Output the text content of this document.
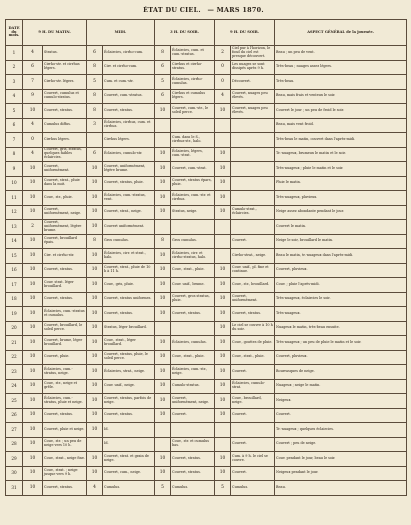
ÉTAT DU CIEL. — MARS 1870.
DATE du mois.	9 H. DU MATIN.		MIDI.		3 H. DU SOIR.		9 H. DU SOIR.		ASPECT GÉNÉRAL de la journée.
1	4	Stratus.	6	Éclaircies, cirrho-cum.	8	Éclaircies, cum. et cum.-stratus.	2	Ciel pur à l'horizon, le fond du ciel est presque découvert.	Beau ; un peu de vent.
2	6	Cirrho-str. et cirrhus légers.	8	Cirr. et cirrho-cum.	6	Cirrhus et cirrho-stratus.	0	Les nuages se sont dissipés après 9 h.	Très-beau ; nuages assez légers.
3	7	Cirrho-str. légers.	5	Cum. et cum.-str.	5	Éclaircies, cirrho-cumulus.	0	Découvert.	Très-beau.
4	9	Couvert, cumulus et cumulo-stratus.	8	Couvert, cum.-stratus.	6	Cirrhus et cumulus légers.	4	Couvert, nuages peu élevés.	Beau, mais frais et venteux le soir.
5	10	Couvert, stratus.	8	Couvert, stratus.	10	Couvert, cum.-str., le soleil perce.	10	Couvert, nuages peu élevés.	Couvert le jour ; un peu de froid le soir.
6	4	Cumulus diffus.	3	Éclaircies, cirrhus, cum. et cirrhus.					Beau, mais vent froid.
7	0	Cirrhus légers.		Cirrhus légers.		Cum. dans le S., cirrhus-str., halo.			Très-beau le matin, couvert dans l'après-midi.
8	4	Couvert, gris, stratus, quelques faibles éclaircies.	6	Éclaircies, cumulo-str.	10	Éclaircies, légers, cum.-strat.	10		Tr.-nuageux, brumeux le matin et le soir.
9	10	Couvert, uniformément.	10	Couvert, uniformément, légère brume.	10	Couvert, cum.-strat.	10		Très-nuageux ; pluie le matin et le soir.
10	10	Couvert, strat., pluie dans la nuit.	10	Couvert, stratus, pluie.	10	Couvert, stratus épars, pluie.	10		Pluie le matin.
11	10	Couv., str., pluie.	10	Éclaircies, cum.-stratus, vent.	10	Éclaircies, cum.-str. et cirrhus.	10		Très-nuageux, pluvieux.
12	10	Couvert, uniformément, neige.	10	Couvert, strat., neige.	10	Stratus, neige.	10	Cumulo-strat., éclaircies.	Neige assez abondante pendant le jour.
13	2	Couvert, uniformément, légère brume.	10	Couvert uniformément.					Couvert le matin.
14	10	Couvert, brouillard épais.	8	Gros cumulus.	8	Gros cumulus.		Couvert.	Neige le soir, brouillard le matin.
15	10	Cirr. et cirrho-str.	10	Éclaircies, cirr. et strat., halo.	10	Éclaircies, cirr. et cirrho-stratus, halo.		Cirrho-strat., neige.	Beau le matin, tr.-nuageux dans l'après-midi.
16	10	Couvert, stratus.	10	Couvert, strat., pluie de 10 h à 11 h.	10	Couv., strat., pluie.	10	Couv. unif., pl. fine et continue.	Couvert, pluvieux.
17	10	Couv. strat. léger brouillard.	10	Couv., gris, pluie.	10	Couv. unif., brume.	10	Couv., str., brouillard.	Couv. ; pluie l'après-midi.
18	10	Couvert, stratus.	10	Couvert, stratus uniformes.	10	Couvert, gros stratus, pluie.	10	Couvert, uniformément.	Très-nuageux, éclaircies le soir.
19	10	Éclaircies, cum.-stratus et cumulus.	10	Couvert, stratus.	10	Couvert, stratus.	10	Couvert, stratus.	Très-nuageux.
20	10	Couvert, brouillard, le soleil perce.	10	Stratus, léger brouillard.			10	Le ciel se couvre à 10 h du soir.	Nuageux le matin, très-beau ensuite.
21	10	Couvert, brume, léger brouillard.	10	Couv., strat., léger brouillard.	10	Éclaircies, cumulus.	10	Couv., gouttes de pluie.	Très-nuageux ; un peu de pluie le matin et le soir.
22	10	Couvert, pluie.	10	Couvert, stratus, pluie, le soleil perce.	10	Couv., strat., pluie.	10	Couv., strat., pluie.	Couvert, pluvieux.
23	10	Éclaircies, cum.-stratus, neige.	10	Éclaircies, strat., neige.	10	Éclaircies, cum.-str., neige.	10	Couvert.	Bourrasques de neige.
24	10	Couv., str., neige et grêle.	10	Couv. unif., neige.	10	Cumulo-stratus.	10	Éclaircies, cumulo-strat.	Nuageux ; neige le matin.
25	10	Éclaircies, cum.-stratus, pluie et neige.	10	Couvert, stratus, parfois de neige.	10	Couvert, uniformément, neige.	10	Couv., brouillard, neige.	Neigeux.
26	10	Couvert, stratus.	10	Couvert, stratus.	10	Couvert.	10	Couvert.	Couvert.
27	10	Couvert, pluie et neige.	10	Id.					Tr.-nuageux ; quelques éclaircies.
28	10	Couv., str. ; un peu de neige vers 10 h.		Id.		Couv., str. et cumulus bas.		Couvert.	Couvert ; peu de neige.
29	10	Couv., strat., neige fine.	10	Couvert, strat. et grain de neige.	10	Couvert, stratus.	10	Cum. à 9 h. le ciel se couvre.	Couv. pendant le jour, beau le soir.
30	10	Couv., strat. ; neige jusque vers 9 h.	10	Couvert, cum., neige.	10	Couvert, stratus.	10	Couvert.	Neigeux pendant le jour.
31	10	Couvert, stratus.	4	Cumulus.	5	Cumulus.	5	Cumulus.	Beau.
